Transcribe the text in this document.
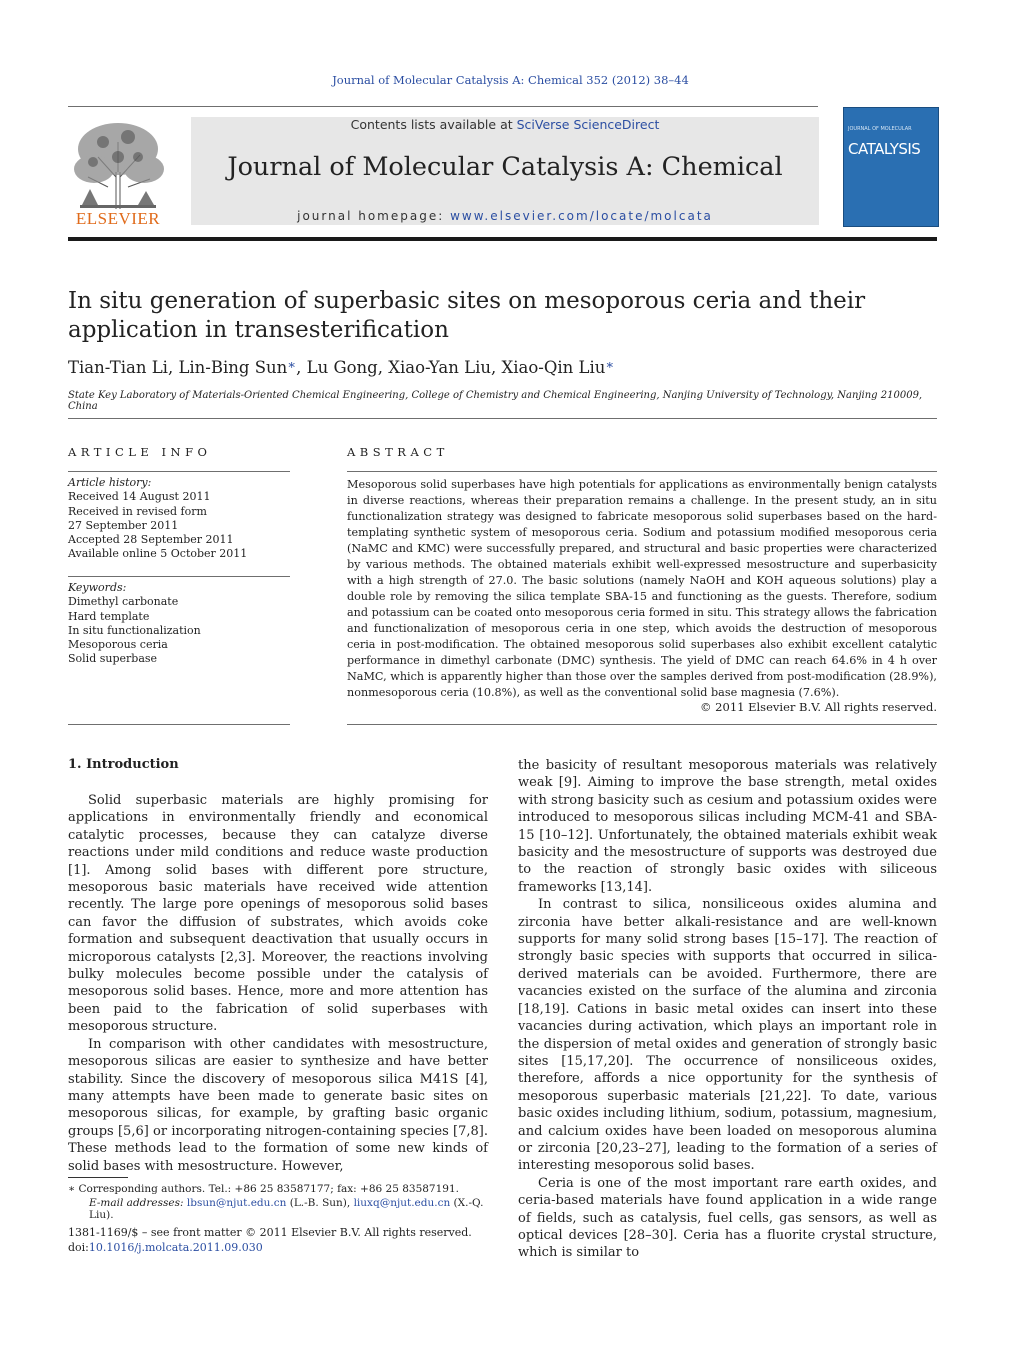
Journal of Molecular Catalysis A: Chemical 352 (2012) 38–44
ELSEVIER
Contents lists available at SciVerse ScienceDirect
Journal of Molecular Catalysis A: Chemical
journal homepage: www.elsevier.com/locate/molcata
JOURNAL OF MOLECULAR
CATALYSIS
In situ generation of superbasic sites on mesoporous ceria and their application in transesterification
Tian-Tian Li, Lin-Bing Sun∗, Lu Gong, Xiao-Yan Liu, Xiao-Qin Liu∗
State Key Laboratory of Materials-Oriented Chemical Engineering, College of Chemistry and Chemical Engineering, Nanjing University of Technology, Nanjing 210009, China
ARTICLE INFO
Article history:
Received 14 August 2011
Received in revised form
27 September 2011
Accepted 28 September 2011
Available online 5 October 2011
Keywords:
Dimethyl carbonate
Hard template
In situ functionalization
Mesoporous ceria
Solid superbase
ABSTRACT
Mesoporous solid superbases have high potentials for applications as environmentally benign catalysts in diverse reactions, whereas their preparation remains a challenge. In the present study, an in situ functionalization strategy was designed to fabricate mesoporous solid superbases based on the hard-templating synthetic system of mesoporous ceria. Sodium and potassium modified mesoporous ceria (NaMC and KMC) were successfully prepared, and structural and basic properties were characterized by various methods. The obtained materials exhibit well-expressed mesostructure and superbasicity with a high strength of 27.0. The basic solutions (namely NaOH and KOH aqueous solutions) play a double role by removing the silica template SBA-15 and functioning as the guests. Therefore, sodium and potassium can be coated onto mesoporous ceria formed in situ. This strategy allows the fabrication and functionalization of mesoporous ceria in one step, which avoids the destruction of mesoporous ceria in post-modification. The obtained mesoporous solid superbases also exhibit excellent catalytic performance in dimethyl carbonate (DMC) synthesis. The yield of DMC can reach 64.6% in 4 h over NaMC, which is apparently higher than those over the samples derived from post-modification (28.9%), nonmesoporous ceria (10.8%), as well as the conventional solid base magnesia (7.6%).
© 2011 Elsevier B.V. All rights reserved.
1. Introduction

Solid superbasic materials are highly promising for applications in environmentally friendly and economical catalytic processes, because they can catalyze diverse reactions under mild conditions and reduce waste production [1]. Among solid bases with different pore structure, mesoporous basic materials have received wide attention recently. The large pore openings of mesoporous solid bases can favor the diffusion of substrates, which avoids coke formation and subsequent deactivation that usually occurs in microporous catalysts [2,3]. Moreover, the reactions involving bulky molecules become possible under the catalysis of mesoporous solid bases. Hence, more and more attention has been paid to the fabrication of solid superbases with mesoporous structure.

In comparison with other candidates with mesostructure, mesoporous silicas are easier to synthesize and have better stability. Since the discovery of mesoporous silica M41S [4], many attempts have been made to generate basic sites on mesoporous silicas, for example, by grafting basic organic groups [5,6] or incorporating nitrogen-containing species [7,8]. These methods lead to the formation of some new kinds of solid bases with mesostructure. However,

the basicity of resultant mesoporous materials was relatively weak [9]. Aiming to improve the base strength, metal oxides with strong basicity such as cesium and potassium oxides were introduced to mesoporous silicas including MCM-41 and SBA-15 [10–12]. Unfortunately, the obtained materials exhibit weak basicity and the mesostructure of supports was destroyed due to the reaction of strongly basic oxides with siliceous frameworks [13,14].

In contrast to silica, nonsiliceous oxides alumina and zirconia have better alkali-resistance and are well-known supports for many solid strong bases [15–17]. The reaction of strongly basic species with supports that occurred in silica-derived materials can be avoided. Furthermore, there are vacancies existed on the surface of the alumina and zirconia [18,19]. Cations in basic metal oxides can insert into these vacancies during activation, which plays an important role in the dispersion of metal oxides and generation of strongly basic sites [15,17,20]. The occurrence of nonsiliceous oxides, therefore, affords a nice opportunity for the synthesis of mesoporous superbasic materials [21,22]. To date, various basic oxides including lithium, sodium, potassium, magnesium, and calcium oxides have been loaded on mesoporous alumina or zirconia [20,23–27], leading to the formation of a series of interesting mesoporous solid bases.

Ceria is one of the most important rare earth oxides, and ceria-based materials have found application in a wide range of fields, such as catalysis, fuel cells, gas sensors, as well as optical devices [28–30]. Ceria has a fluorite crystal structure, which is similar to

∗ Corresponding authors. Tel.: +86 25 83587177; fax: +86 25 83587191.
E-mail addresses: lbsun@njut.edu.cn (L.-B. Sun), liuxq@njut.edu.cn (X.-Q. Liu).
1381-1169/$ – see front matter © 2011 Elsevier B.V. All rights reserved.
doi:10.1016/j.molcata.2011.09.030
